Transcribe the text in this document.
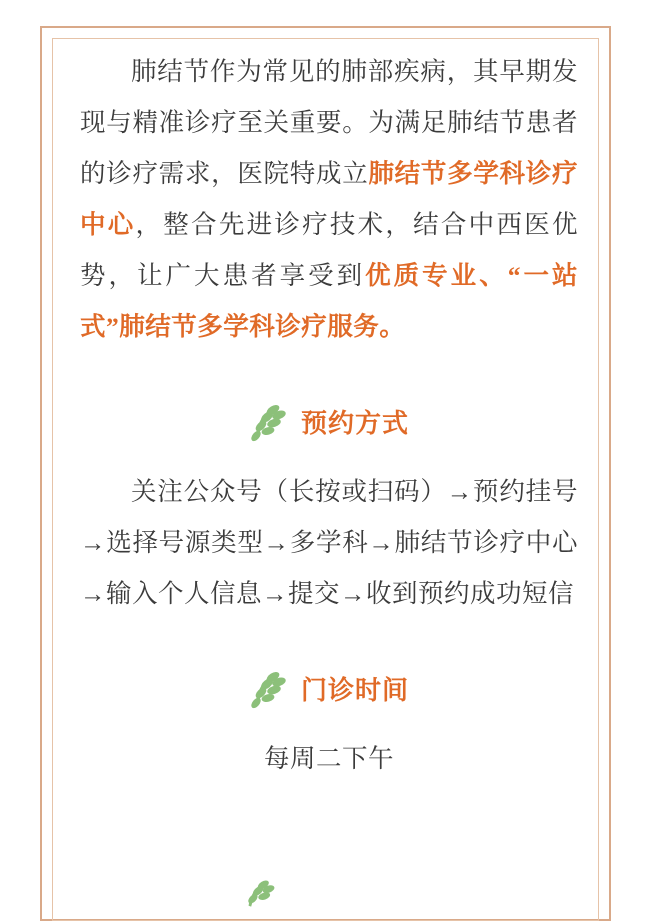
肺结节作为常见的肺部疾病，其早期发现与精准诊疗至关重要。为满足肺结节患者的诊疗需求，医院特成立肺结节多学科诊疗中心，整合先进诊疗技术，结合中西医优势，让广大患者享受到优质专业、“一站式”肺结节多学科诊疗服务。

预约方式

关注公众号（长按或扫码）→预约挂号→选择号源类型→多学科→肺结节诊疗中心→输入个人信息→提交→收到预约成功短信

门诊时间

每周二下午
